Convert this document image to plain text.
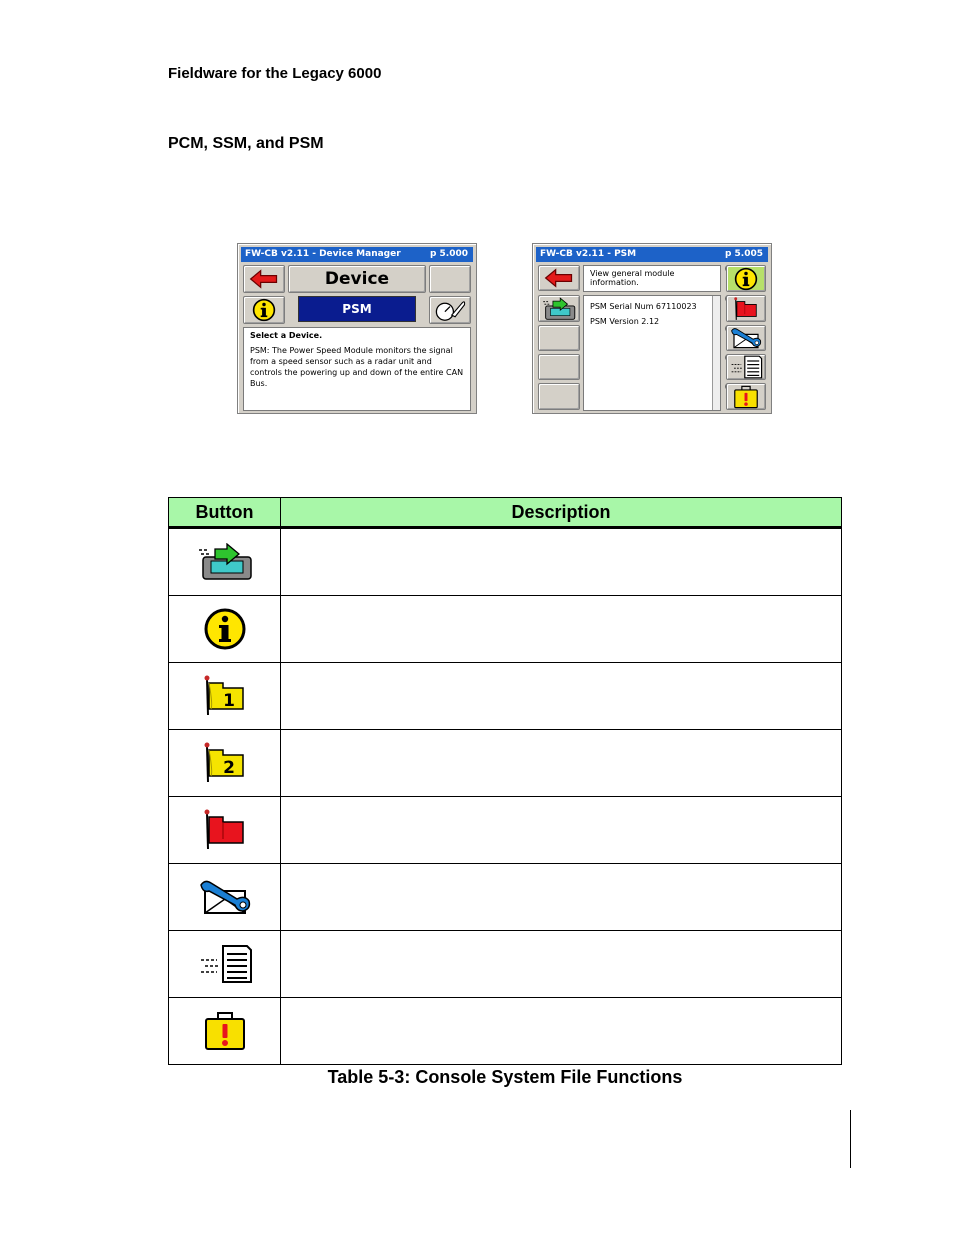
Fieldware for the Legacy 6000
PCM, SSM, and PSM
FW-CB v2.11 - Device Manager	p 5.000
Device
PSM
Select a Device.
PSM: The Power Speed Module monitors the signal from a speed sensor such as a radar unit and controls the powering up and down of the entire CAN Bus.
FW-CB v2.11 - PSM	p 5.005
View general module information.
PSM Serial Num 67110023
PSM Version 2.12
Button	Description

Table 5-3: Console System File Functions
